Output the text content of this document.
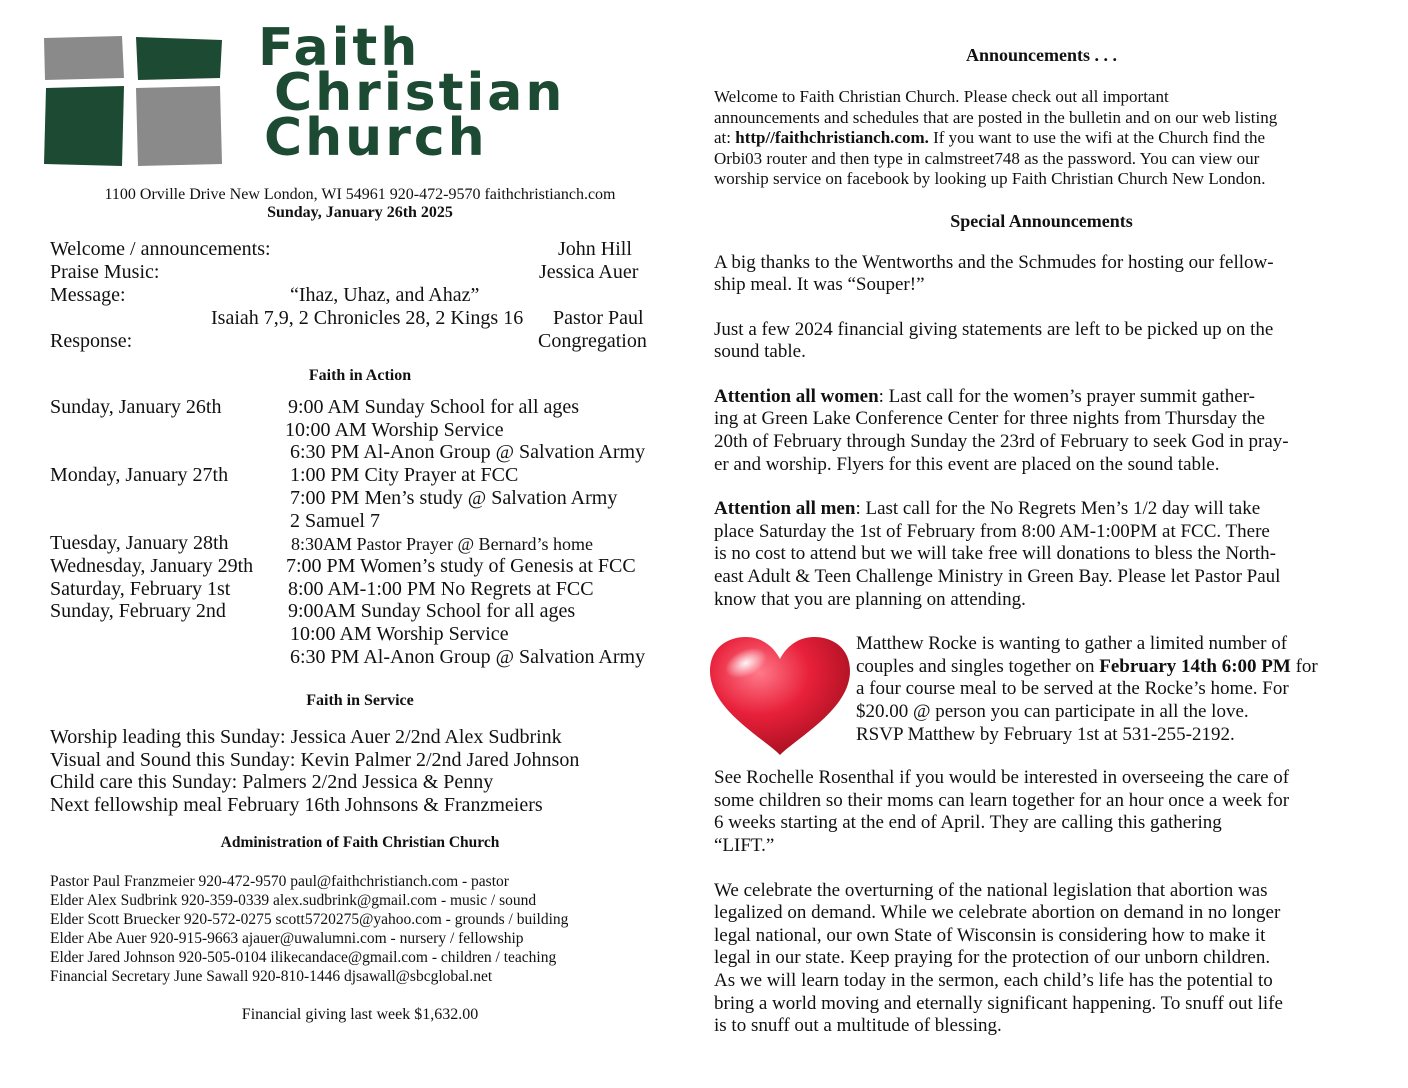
Faith
Christian
Church
1100 Orville Drive New London, WI 54961 920-472-9570 faithchristianch.com
Sunday, January 26th 2025
Welcome / announcements:	John Hill
Praise Music:	Jessica Auer
Message:	“Ihaz, Uhaz, and Ahaz”
Isaiah 7,9, 2 Chronicles 28, 2 Kings 16 Pastor Paul
Response:	Congregation
Faith in Action
Sunday, January 26th	9:00 AM Sunday School for all ages
10:00 AM Worship Service
6:30 PM Al-Anon Group @ Salvation Army
Monday, January 27th	1:00 PM City Prayer at FCC
7:00 PM Men’s study @ Salvation Army
2 Samuel 7
Tuesday, January 28th	8:30AM Pastor Prayer @ Bernard’s home
Wednesday, January 29th 7:00 PM Women’s study of Genesis at FCC
Saturday, February 1st	8:00 AM-1:00 PM No Regrets at FCC
Sunday, February 2nd	9:00AM Sunday School for all ages
10:00 AM Worship Service
6:30 PM Al-Anon Group @ Salvation Army
Faith in Service
Worship leading this Sunday: Jessica Auer 2/2nd Alex Sudbrink
Visual and Sound this Sunday: Kevin Palmer 2/2nd Jared Johnson
Child care this Sunday: Palmers 2/2nd Jessica & Penny
Next fellowship meal February 16th Johnsons & Franzmeiers
Administration of Faith Christian Church
Pastor Paul Franzmeier 920-472-9570 paul@faithchristianch.com - pastor
Elder Alex Sudbrink 920-359-0339 alex.sudbrink@gmail.com - music / sound
Elder Scott Bruecker 920-572-0275 scott5720275@yahoo.com - grounds / building
Elder Abe Auer 920-915-9663 ajauer@uwalumni.com - nursery / fellowship
Elder Jared Johnson 920-505-0104 ilikecandace@gmail.com - children / teaching
Financial Secretary June Sawall 920-810-1446 djsawall@sbcglobal.net
Financial giving last week $1,632.00
Announcements . . .
Welcome to Faith Christian Church. Please check out all important
announcements and schedules that are posted in the bulletin and on our web listing
at: http//faithchristianch.com. If you want to use the wifi at the Church find the
Orbi03 router and then type in calmstreet748 as the password. You can view our
worship service on facebook by looking up Faith Christian Church New London.
Special Announcements
A big thanks to the Wentworths and the Schmudes for hosting our fellow-
ship meal. It was “Souper!”
Just a few 2024 financial giving statements are left to be picked up on the
sound table.
Attention all women: Last call for the women’s prayer summit gather-
ing at Green Lake Conference Center for three nights from Thursday the
20th of February through Sunday the 23rd of February to seek God in pray-
er and worship. Flyers for this event are placed on the sound table.
Attention all men: Last call for the No Regrets Men’s 1/2 day will take
place Saturday the 1st of February from 8:00 AM-1:00PM at FCC. There
is no cost to attend but we will take free will donations to bless the North-
east Adult & Teen Challenge Ministry in Green Bay. Please let Pastor Paul
know that you are planning on attending.
Matthew Rocke is wanting to gather a limited number of
couples and singles together on February 14th 6:00 PM for
a four course meal to be served at the Rocke’s home. For
$20.00 @ person you can participate in all the love.
RSVP Matthew by February 1st at 531-255-2192.
See Rochelle Rosenthal if you would be interested in overseeing the care of
some children so their moms can learn together for an hour once a week for
6 weeks starting at the end of April. They are calling this gathering
“LIFT.”
We celebrate the overturning of the national legislation that abortion was
legalized on demand. While we celebrate abortion on demand in no longer
legal national, our own State of Wisconsin is considering how to make it
legal in our state. Keep praying for the protection of our unborn children.
As we will learn today in the sermon, each child’s life has the potential to
bring a world moving and eternally significant happening. To snuff out life
is to snuff out a multitude of blessing.
